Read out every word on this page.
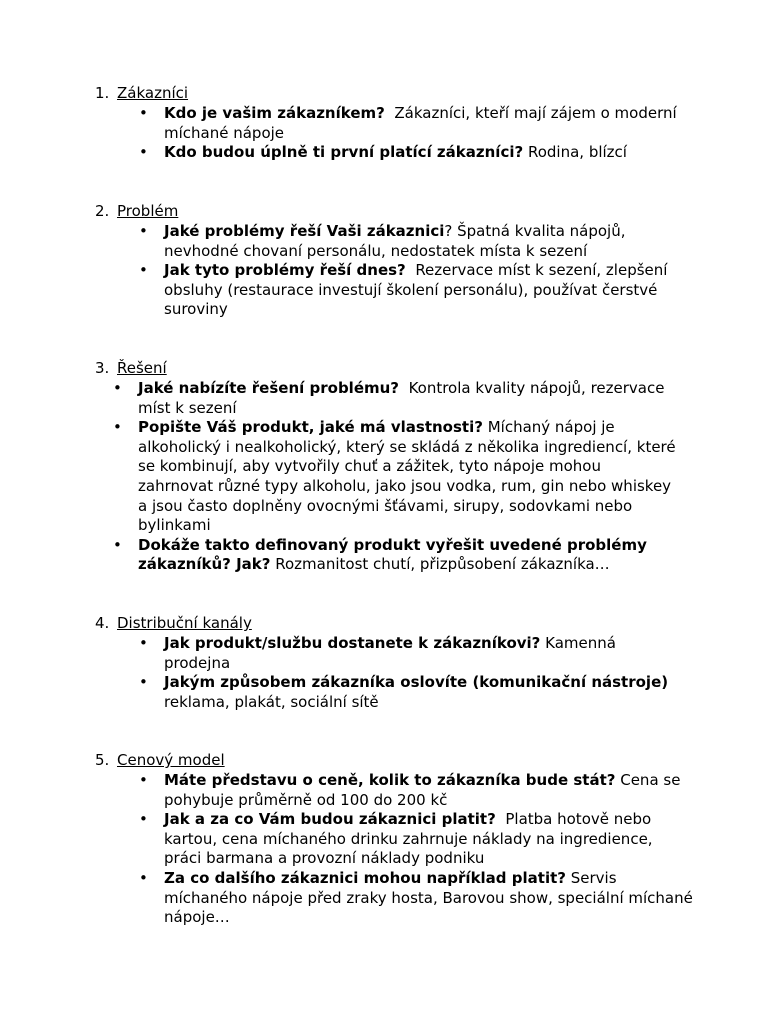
1. Zákazníci
• Kdo je vašim zákazníkem? Zákazníci, kteří mají zájem o moderní míchané nápoje
• Kdo budou úplně ti první platící zákazníci? Rodina, blízcí
2. Problém
• Jaké problémy řeší Vaši zákaznici? Špatná kvalita nápojů, nevhodné chovaní personálu, nedostatek místa k sezení
• Jak tyto problémy řeší dnes? Rezervace míst k sezení, zlepšení obsluhy (restaurace investují školení personálu), používat čerstvé suroviny
3. Řešení
• Jaké nabízíte řešení problému? Kontrola kvality nápojů, rezervace míst k sezení
• Popište Váš produkt, jaké má vlastnosti? Míchaný nápoj je alkoholický i nealkoholický, který se skládá z několika ingrediencí, které se kombinují, aby vytvořily chuť a zážitek, tyto nápoje mohou zahrnovat různé typy alkoholu, jako jsou vodka, rum, gin nebo whiskey a jsou často doplněny ovocnými šťávami, sirupy, sodovkami nebo bylinkami
• Dokáže takto definovaný produkt vyřešit uvedené problémy zákazníků? Jak? Rozmanitost chutí, přizpůsobení zákazníka…
4. Distribuční kanály
• Jak produkt/službu dostanete k zákazníkovi? Kamenná prodejna
• Jakým způsobem zákazníka oslovíte (komunikační nástroje) reklama, plakát, sociální sítě
5. Cenový model
• Máte představu o ceně, kolik to zákazníka bude stát? Cena se pohybuje průměrně od 100 do 200 kč
• Jak a za co Vám budou zákaznici platit? Platba hotově nebo kartou, cena míchaného drinku zahrnuje náklady na ingredience, práci barmana a provozní náklady podniku
• Za co dalšího zákaznici mohou například platit? Servis míchaného nápoje před zraky hosta, Barovou show, speciální míchané nápoje…
